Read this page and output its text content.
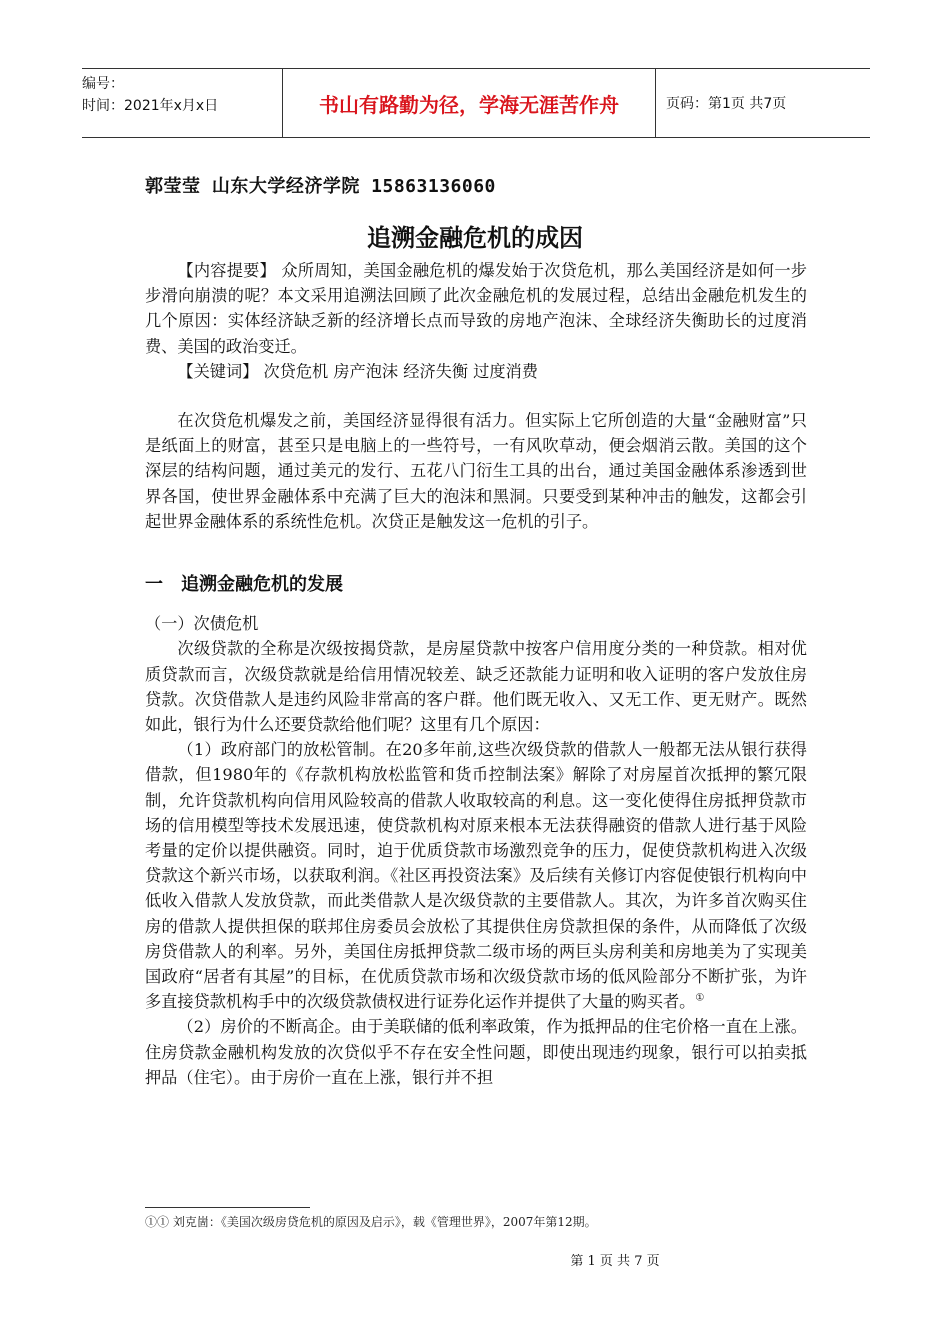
编号：
时间：2021年x月x日	书山有路勤为径，学海无涯苦作舟	页码：第1页 共7页
郭莹莹 山东大学经济学院 15863136060
追溯金融危机的成因

【内容提要】 众所周知，美国金融危机的爆发始于次贷危机，那么美国经济是如何一步步滑向崩溃的呢？本文采用追溯法回顾了此次金融危机的发展过程，总结出金融危机发生的几个原因：实体经济缺乏新的经济增长点而导致的房地产泡沫、全球经济失衡助长的过度消费、美国的政治变迁。

【关键词】 次贷危机 房产泡沫 经济失衡 过度消费

在次贷危机爆发之前，美国经济显得很有活力。但实际上它所创造的大量“金融财富”只是纸面上的财富，甚至只是电脑上的一些符号，一有风吹草动，便会烟消云散。美国的这个深层的结构问题，通过美元的发行、五花八门衍生工具的出台，通过美国金融体系渗透到世界各国，使世界金融体系中充满了巨大的泡沫和黑洞。只要受到某种冲击的触发，这都会引起世界金融体系的系统性危机。次贷正是触发这一危机的引子。

一　追溯金融危机的发展

（一）次债危机

次级贷款的全称是次级按揭贷款，是房屋贷款中按客户信用度分类的一种贷款。相对优质贷款而言，次级贷款就是给信用情况较差、缺乏还款能力证明和收入证明的客户发放住房贷款。次贷借款人是违约风险非常高的客户群。他们既无收入、又无工作、更无财产。既然如此，银行为什么还要贷款给他们呢？这里有几个原因：

（1）政府部门的放松管制。在20多年前,这些次级贷款的借款人一般都无法从银行获得借款，但1980年的《存款机构放松监管和货币控制法案》解除了对房屋首次抵押的繁冗限制，允许贷款机构向信用风险较高的借款人收取较高的利息。这一变化使得住房抵押贷款市场的信用模型等技术发展迅速，使贷款机构对原来根本无法获得融资的借款人进行基于风险考量的定价以提供融资。同时，迫于优质贷款市场激烈竞争的压力，促使贷款机构进入次级贷款这个新兴市场，以获取利润。《社区再投资法案》及后续有关修订内容促使银行机构向中低收入借款人发放贷款，而此类借款人是次级贷款的主要借款人。其次，为许多首次购买住房的借款人提供担保的联邦住房委员会放松了其提供住房贷款担保的条件，从而降低了次级房贷借款人的利率。另外，美国住房抵押贷款二级市场的两巨头房利美和房地美为了实现美国政府“居者有其屋”的目标，在优质贷款市场和次级贷款市场的低风险部分不断扩张，为许多直接贷款机构手中的次级贷款债权进行证券化运作并提供了大量的购买者。①

（2）房价的不断高企。由于美联储的低利率政策，作为抵押品的住宅价格一直在上涨。住房贷款金融机构发放的次贷似乎不存在安全性问题，即使出现违约现象，银行可以拍卖抵押品（住宅）。由于房价一直在上涨，银行并不担

①① 刘克崮：《美国次级房贷危机的原因及启示》，载《管理世界》，2007年第12期。
第 1 页 共 7 页
